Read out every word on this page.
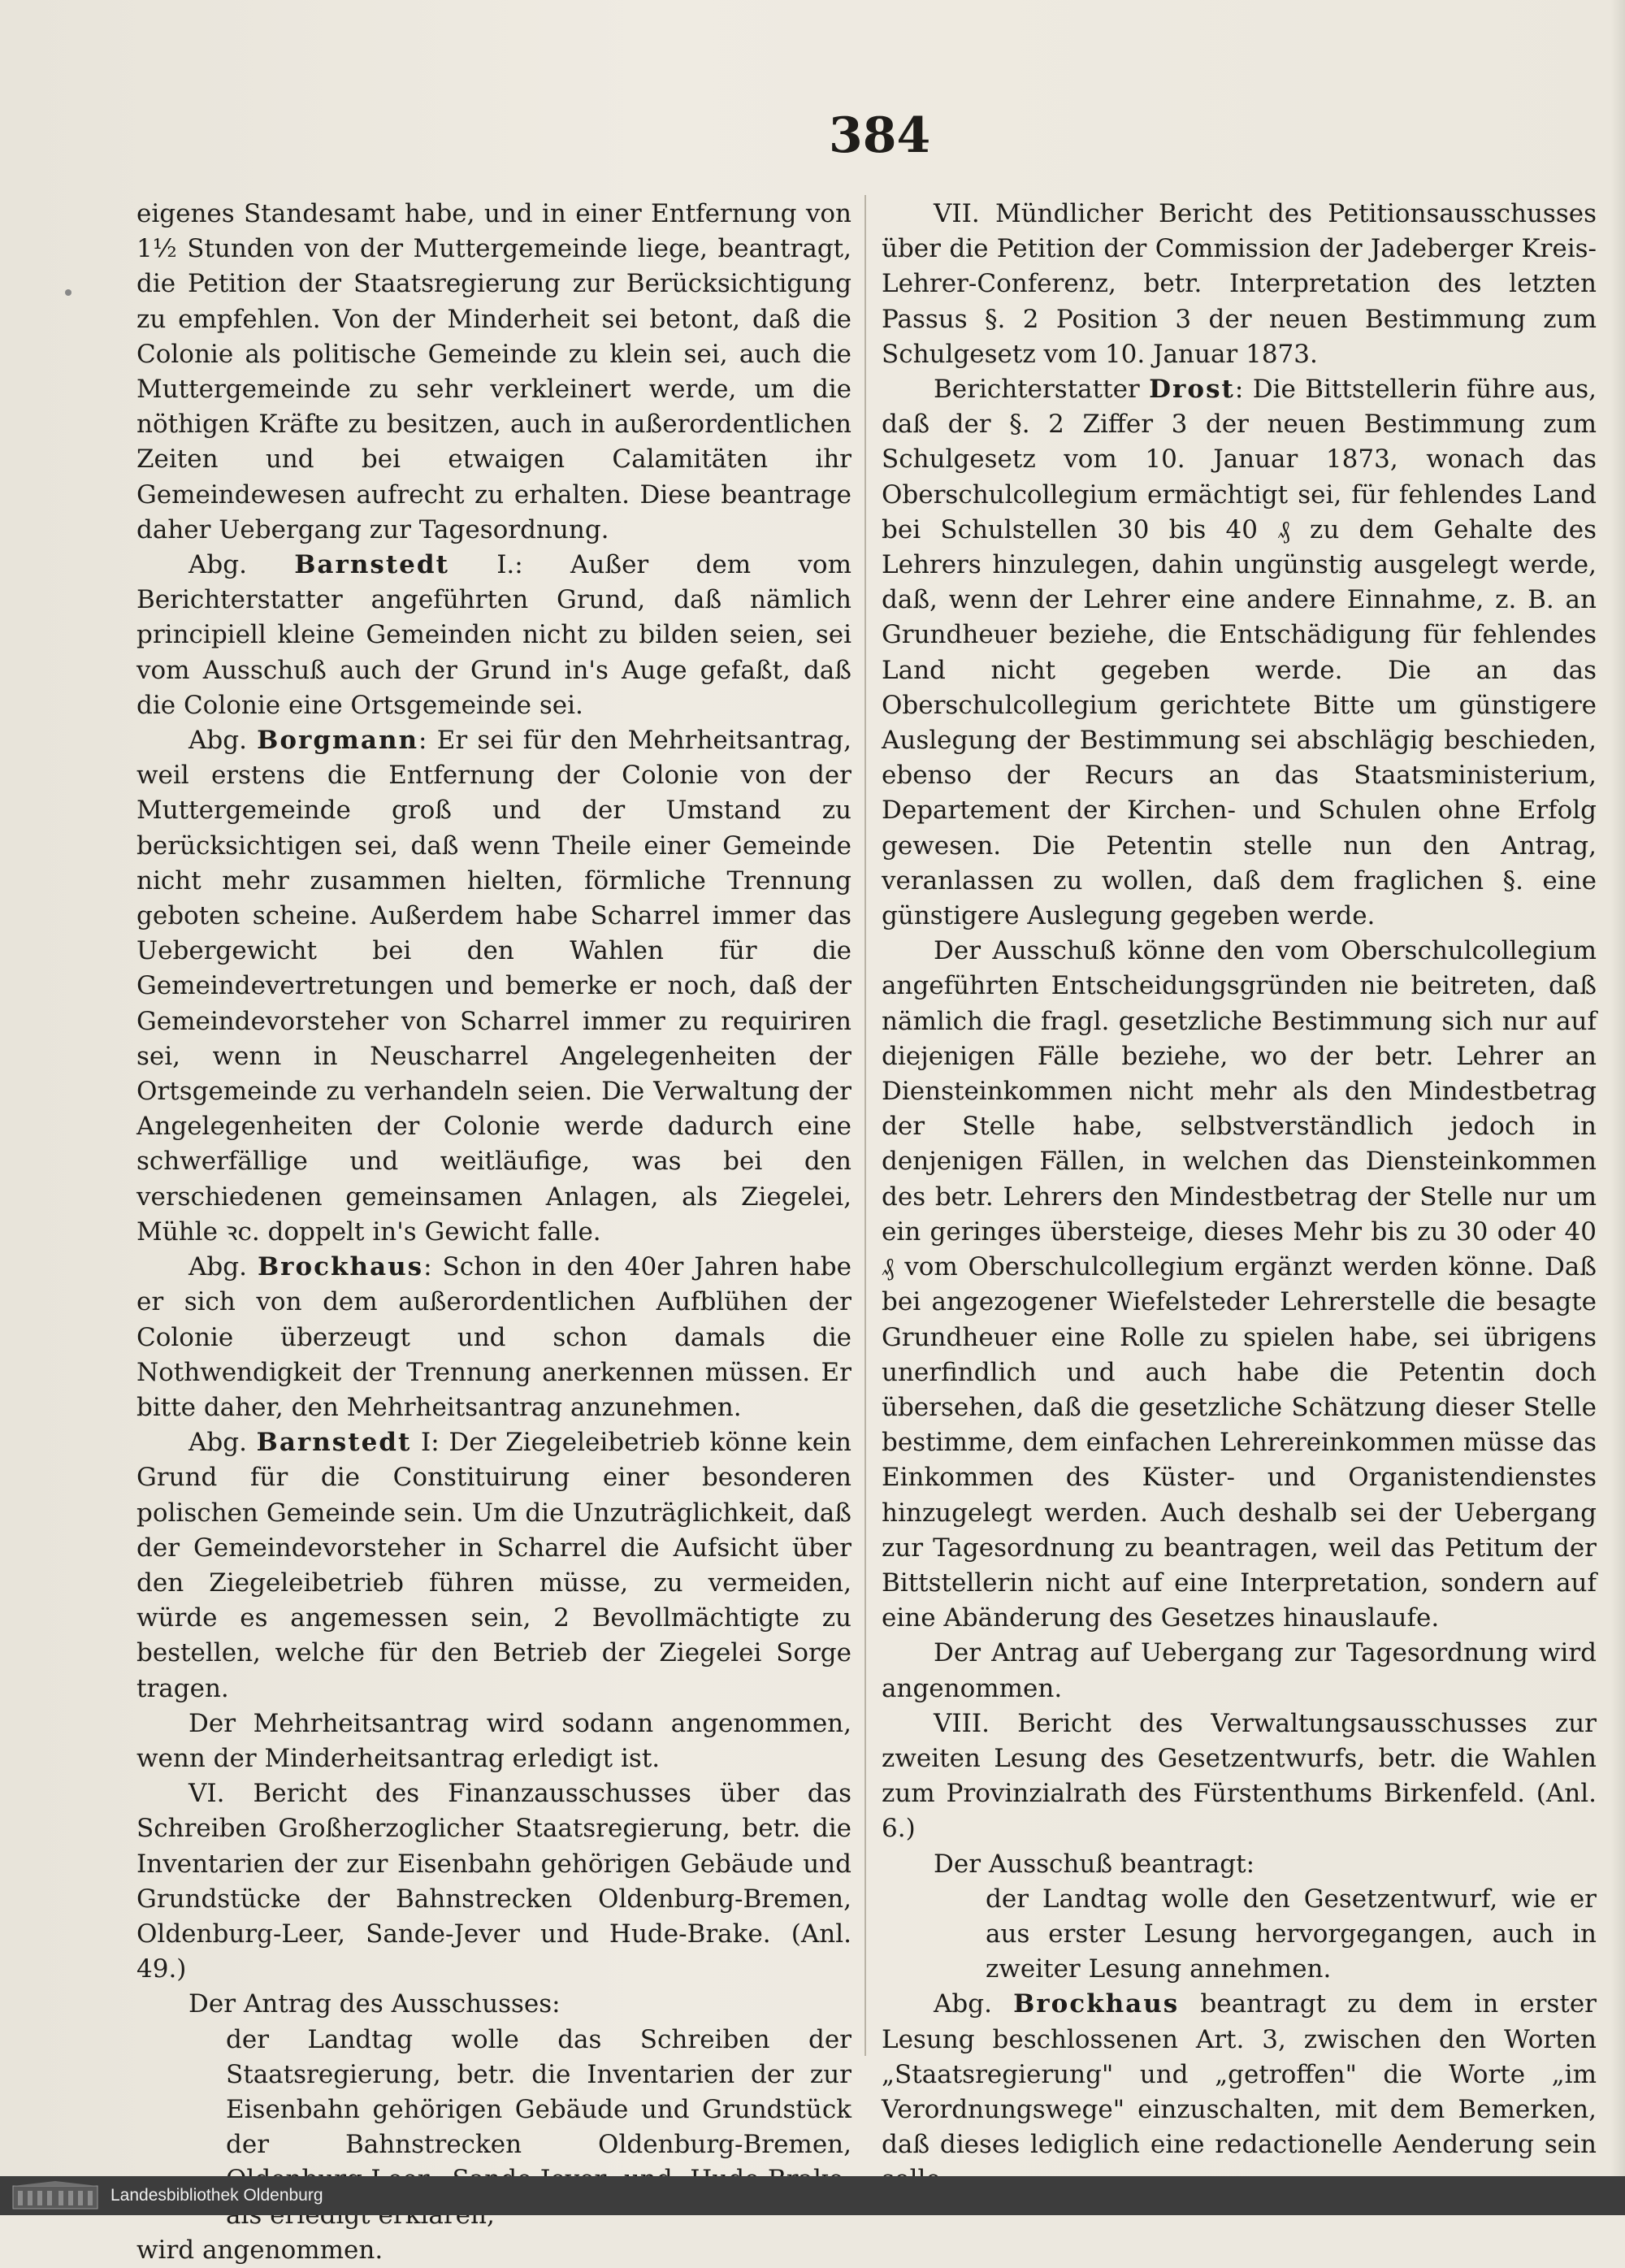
384

eigenes Standesamt habe, und in einer Entfernung von 1½ Stunden von der Muttergemeinde liege, beantragt, die Petition der Staatsregierung zur Berücksichtigung zu empfehlen. Von der Minderheit sei betont, daß die Colonie als politische Gemeinde zu klein sei, auch die Muttergemeinde zu sehr verkleinert werde, um die nöthigen Kräfte zu besitzen, auch in außerordentlichen Zeiten und bei etwaigen Calamitäten ihr Gemeindewesen aufrecht zu erhalten. Diese beantrage daher Uebergang zur Tagesordnung.

Abg. Barnstedt I.: Außer dem vom Berichterstatter angeführten Grund, daß nämlich principiell kleine Gemeinden nicht zu bilden seien, sei vom Ausschuß auch der Grund in's Auge gefaßt, daß die Colonie eine Ortsgemeinde sei.

Abg. Borgmann: Er sei für den Mehrheitsantrag, weil erstens die Entfernung der Colonie von der Muttergemeinde groß und der Umstand zu berücksichtigen sei, daß wenn Theile einer Gemeinde nicht mehr zusammen hielten, förmliche Trennung geboten scheine. Außerdem habe Scharrel immer das Uebergewicht bei den Wahlen für die Gemeindevertretungen und bemerke er noch, daß der Gemeindevorsteher von Scharrel immer zu requiriren sei, wenn in Neuscharrel Angelegenheiten der Ortsgemeinde zu verhandeln seien. Die Verwaltung der Angelegenheiten der Colonie werde dadurch eine schwerfällige und weitläufige, was bei den verschiedenen gemeinsamen Anlagen, als Ziegelei, Mühle ꝛc. doppelt in's Gewicht falle.

Abg. Brockhaus: Schon in den 40er Jahren habe er sich von dem außerordentlichen Aufblühen der Colonie überzeugt und schon damals die Nothwendigkeit der Trennung anerkennen müssen. Er bitte daher, den Mehrheitsantrag anzunehmen.

Abg. Barnstedt I: Der Ziegeleibetrieb könne kein Grund für die Constituirung einer besonderen polischen Gemeinde sein. Um die Unzuträglichkeit, daß der Gemeindevorsteher in Scharrel die Aufsicht über den Ziegeleibetrieb führen müsse, zu vermeiden, würde es angemessen sein, 2 Bevollmächtigte zu bestellen, welche für den Betrieb der Ziegelei Sorge tragen.

Der Mehrheitsantrag wird sodann angenommen, wenn der Minderheitsantrag erledigt ist.

VI. Bericht des Finanzausschusses über das Schreiben Großherzoglicher Staatsregierung, betr. die Inventarien der zur Eisenbahn gehörigen Gebäude und Grundstücke der Bahnstrecken Oldenburg-Bremen, Oldenburg-Leer, Sande-Jever und Hude-Brake. (Anl. 49.)

Der Antrag des Ausschusses:

der Landtag wolle das Schreiben der Staatsregierung, betr. die Inventarien der zur Eisenbahn gehörigen Gebäude und Grundstück der Bahnstrecken Oldenburg-Bremen,

wird angenommen.

VII. Mündlicher Bericht des Petitionsausschusses über die Petition der Commission der Jadeberger Kreis-Lehrer-Conferenz, betr. Interpretation des letzten Passus §. 2 Position 3 der neuen Bestimmung zum Schulgesetz vom 10. Januar 1873.

Berichterstatter Drost: Die Bittstellerin führe aus, daß der §. 2 Ziffer 3 der neuen Bestimmung zum Schulgesetz vom 10. Januar 1873, wonach das Oberschulcollegium ermächtigt sei, für fehlendes Land bei Schulstellen 30 bis 40 ₰ zu dem Gehalte des Lehrers hinzulegen, dahin ungünstig ausgelegt werde, daß, wenn der Lehrer eine andere Einnahme, z. B. an Grundheuer beziehe, die Entschädigung für fehlendes Land nicht gegeben werde. Die an das Oberschulcollegium gerichtete Bitte um günstigere Auslegung der Bestimmung sei abschlägig beschieden, ebenso der Recurs an das Staatsministerium, Departement der Kirchen- und Schulen ohne Erfolg gewesen. Die Petentin stelle nun den Antrag, veranlassen zu wollen, daß dem fraglichen §. eine günstigere Auslegung gegeben werde.

Der Ausschuß könne den vom Oberschulcollegium angeführten Entscheidungsgründen nie beitreten, daß nämlich die fragl. gesetzliche Bestimmung sich nur auf diejenigen Fälle beziehe, wo der betr. Lehrer an Diensteinkommen nicht mehr als den Mindestbetrag der Stelle habe, selbstverständlich jedoch in denjenigen Fällen, in welchen das Diensteinkommen des betr. Lehrers den Mindestbetrag der Stelle nur um ein geringes übersteige, dieses Mehr bis zu 30 oder 40 ₰ vom Oberschulcollegium ergänzt werden könne. Daß bei angezogener Wiefelsteder Lehrerstelle die besagte Grundheuer eine Rolle zu spielen habe, sei übrigens unerfindlich und auch habe die Petentin doch übersehen, daß die gesetzliche Schätzung dieser Stelle bestimme, dem einfachen Lehrereinkommen müsse das Einkommen des Küster- und Organistendienstes hinzugelegt werden. Auch deshalb sei der Uebergang zur Tagesordnung zu beantragen, weil das Petitum der Bittstellerin nicht auf eine Interpretation, sondern auf eine Abänderung des Gesetzes hinauslaufe.

Der Antrag auf Uebergang zur Tagesordnung wird angenommen.

VIII. Bericht des Verwaltungsausschusses zur zweiten Lesung des Gesetzentwurfs, betr. die Wahlen zum Provinzialrath des Fürstenthums Birkenfeld. (Anl. 6.)

Der Ausschuß beantragt:

der Landtag wolle den Gesetzentwurf, wie er aus erster Lesung hervorgegangen, auch in zweiter Lesung annehmen.

Abg. Brockhaus beantragt zu dem in erster Lesung beschlossenen Art. 3, zwischen den Worten „Staatsregierung" und „getroffen" die Worte „im Verordnungswege" einzuschalten, mit dem Bemerken, daß dieses lediglich eine redactionelle Aenderung sein

Landesbibliothek Oldenburg
